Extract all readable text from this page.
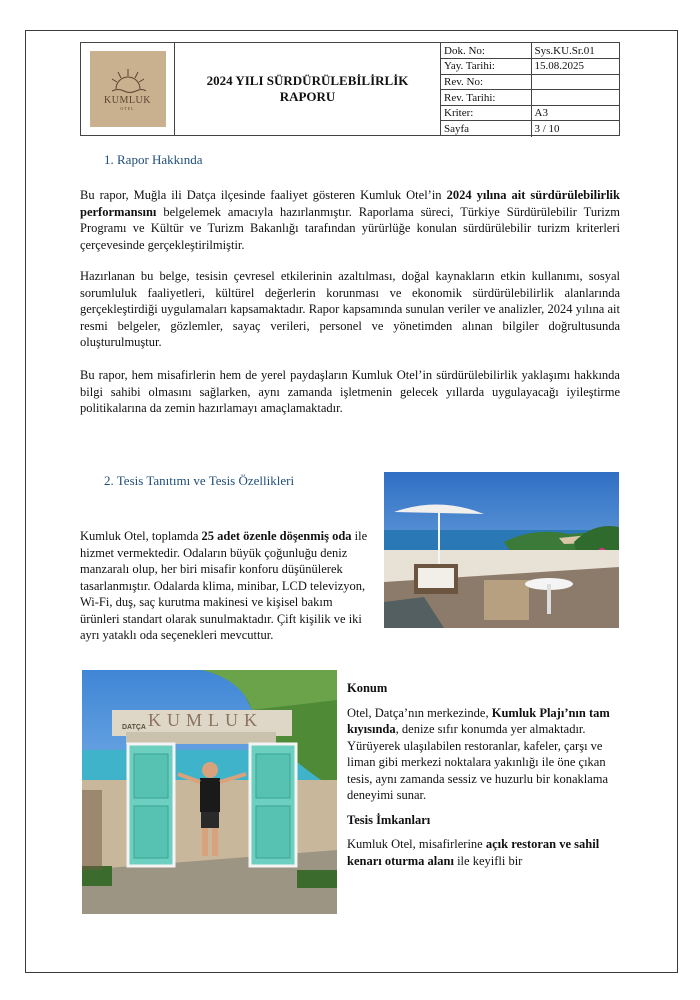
KUMLUK
OTEL
2024 YILI SÜRDÜRÜLEBİLİRLİK
RAPORU
Dok. No:	Sys.KU.Sr.01
Yay. Tarihi:	15.08.2025
Rev. No:	
Rev. Tarihi:	
Kriter:	A3
Sayfa	3 / 10
1. Rapor Hakkında

Bu rapor, Muğla ili Datça ilçesinde faaliyet gösteren Kumluk Otel’in 2024 yılına ait sürdürülebilirlik performansını belgelemek amacıyla hazırlanmıştır. Raporlama süreci, Türkiye Sürdürülebilir Turizm Programı ve Kültür ve Turizm Bakanlığı tarafından yürürlüğe konulan sürdürülebilir turizm kriterleri çerçevesinde gerçekleştirilmiştir.

Hazırlanan bu belge, tesisin çevresel etkilerinin azaltılması, doğal kaynakların etkin kullanımı, sosyal sorumluluk faaliyetleri, kültürel değerlerin korunması ve ekonomik sürdürülebilirlik alanlarında gerçekleştirdiği uygulamaları kapsamaktadır. Rapor kapsamında sunulan veriler ve analizler, 2024 yılına ait resmi belgeler, gözlemler, sayaç verileri, personel ve yönetimden alınan bilgiler doğrultusunda oluşturulmuştur.

Bu rapor, hem misafirlerin hem de yerel paydaşların Kumluk Otel’in sürdürülebilirlik yaklaşımı hakkında bilgi sahibi olmasını sağlarken, aynı zamanda işletmenin gelecek yıllarda uygulayacağı iyileştirme politikalarına da zemin hazırlamayı amaçlamaktadır.

2. Tesis Tanıtımı ve Tesis Özellikleri
Kumluk Otel, toplamda 25 adet özenle döşenmiş oda ile hizmet vermektedir. Odaların büyük çoğunluğu deniz manzaralı olup, her biri misafir konforu düşünülerek tasarlanmıştır. Odalarda klima, minibar, LCD televizyon, Wi-Fi, duş, saç kurutma makinesi ve kişisel bakım ürünleri standart olarak sunulmaktadır. Çift kişilik ve iki ayrı yataklı oda seçenekleri mevcuttur.
KUMLUK
DATÇA

Konum

Otel, Datça’nın merkezinde, Kumluk Plajı’nın tam kıyısında, denize sıfır konumda yer almaktadır. Yürüyerek ulaşılabilen restoranlar, kafeler, çarşı ve liman gibi merkezi noktalara yakınlığı ile öne çıkan tesis, aynı zamanda sessiz ve huzurlu bir konaklama deneyimi sunar.

Tesis İmkanları

Kumluk Otel, misafirlerine açık restoran ve sahil kenarı oturma alanı ile keyifli bir
